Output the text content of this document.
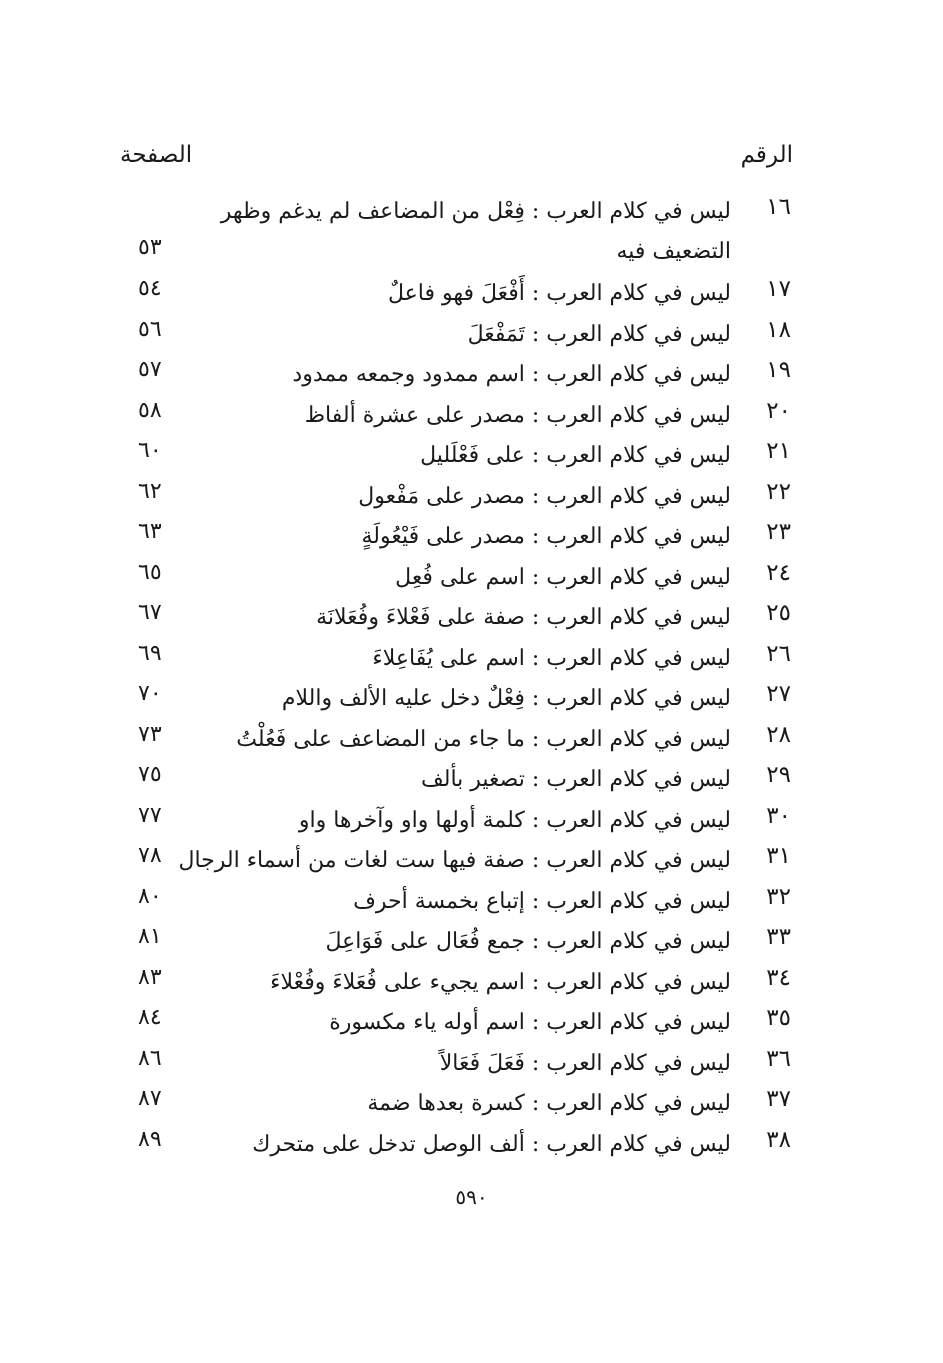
الرقم
الصفحة
١٦
ليس في كلام العرب : فِعْل من المضاعف لم يدغم وظهر التضعيف فيه
٥٣
١٧
ليس في كلام العرب : أَفْعَلَ فهو فاعلٌ
٥٤
١٨
ليس في كلام العرب : تَمَفْعَلَ
٥٦
١٩
ليس في كلام العرب : اسم ممدود وجمعه ممدود
٥٧
٢٠
ليس في كلام العرب : مصدر على عشرة ألفاظ
٥٨
٢١
ليس في كلام العرب : على فَعْلَليل
٦٠
٢٢
ليس في كلام العرب : مصدر على مَفْعول
٦٢
٢٣
ليس في كلام العرب : مصدر على فَيْعُولَةٍ
٦٣
٢٤
ليس في كلام العرب : اسم على فُعِل
٦٥
٢٥
ليس في كلام العرب : صفة على فَعْلاءَ وفُعَلانَة
٦٧
٢٦
ليس في كلام العرب : اسم على يُفَاعِلاءَ
٦٩
٢٧
ليس في كلام العرب : فِعْلٌ دخل عليه الألف واللام
٧٠
٢٨
ليس في كلام العرب : ما جاء من المضاعف على فَعُلْتُ
٧٣
٢٩
ليس في كلام العرب : تصغير بألف
٧٥
٣٠
ليس في كلام العرب : كلمة أولها واو وآخرها واو
٧٧
٣١
ليس في كلام العرب : صفة فيها ست لغات من أسماء الرجال
٧٨
٣٢
ليس في كلام العرب : إتباع بخمسة أحرف
٨٠
٣٣
ليس في كلام العرب : جمع فُعَال على فَوَاعِلَ
٨١
٣٤
ليس في كلام العرب : اسم يجيء على فُعَلاءَ وفُعْلاءَ
٨٣
٣٥
ليس في كلام العرب : اسم أوله ياء مكسورة
٨٤
٣٦
ليس في كلام العرب : فَعَلَ فَعَالاً
٨٦
٣٧
ليس في كلام العرب : كسرة بعدها ضمة
٨٧
٣٨
ليس في كلام العرب : ألف الوصل تدخل على متحرك
٨٩
٥٩٠
